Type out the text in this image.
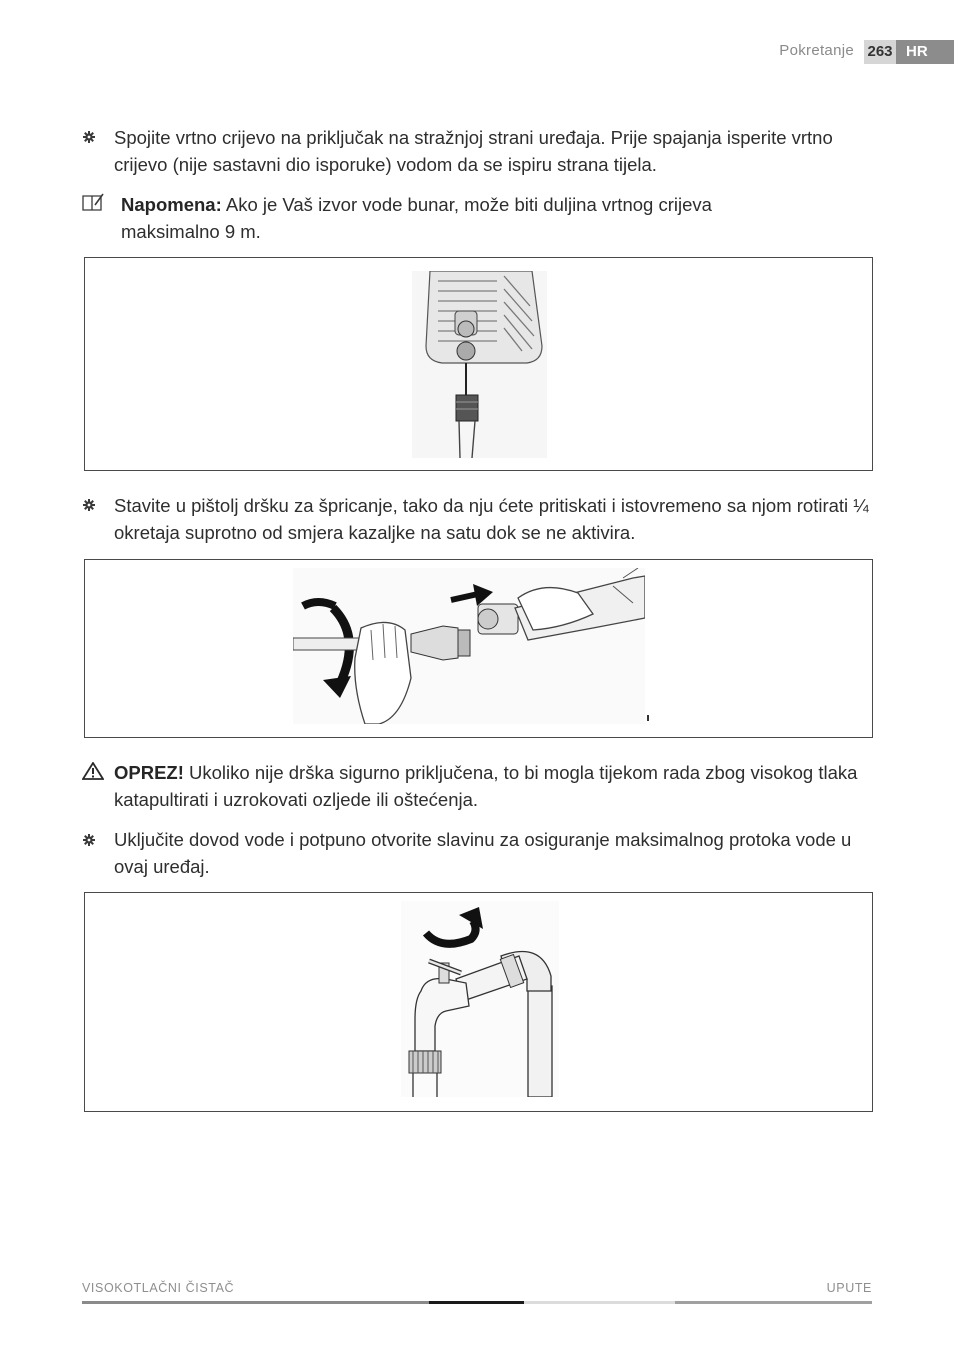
Pokretanje 263 HR
Spojite vrtno crijevo na priključak na stražnjoj strani uređaja. Prije spajanja isperite vrtno crijevo (nije sastavni dio isporuke) vodom da se ispiru strana tijela.
Napomena: Ako je Vaš izvor vode bunar, može biti duljina vrtnog crijeva maksimalno 9 m.
Stavite u pištolj dršku za špricanje, tako da nju ćete pritiskati i istovremeno sa njom rotirati ¼ okretaja suprotno od smjera kazaljke na satu dok se ne aktivira.
OPREZ! Ukoliko nije drška sigurno priključena, to bi mogla tijekom rada zbog visokog tlaka katapultirati i uzrokovati ozljede ili oštećenja.
Uključite dovod vode i potpuno otvorite slavinu za osiguranje maksimalnog protoka vode u ovaj uređaj.
VISOKOTLAČNI ČISTAČ	UPUTE
